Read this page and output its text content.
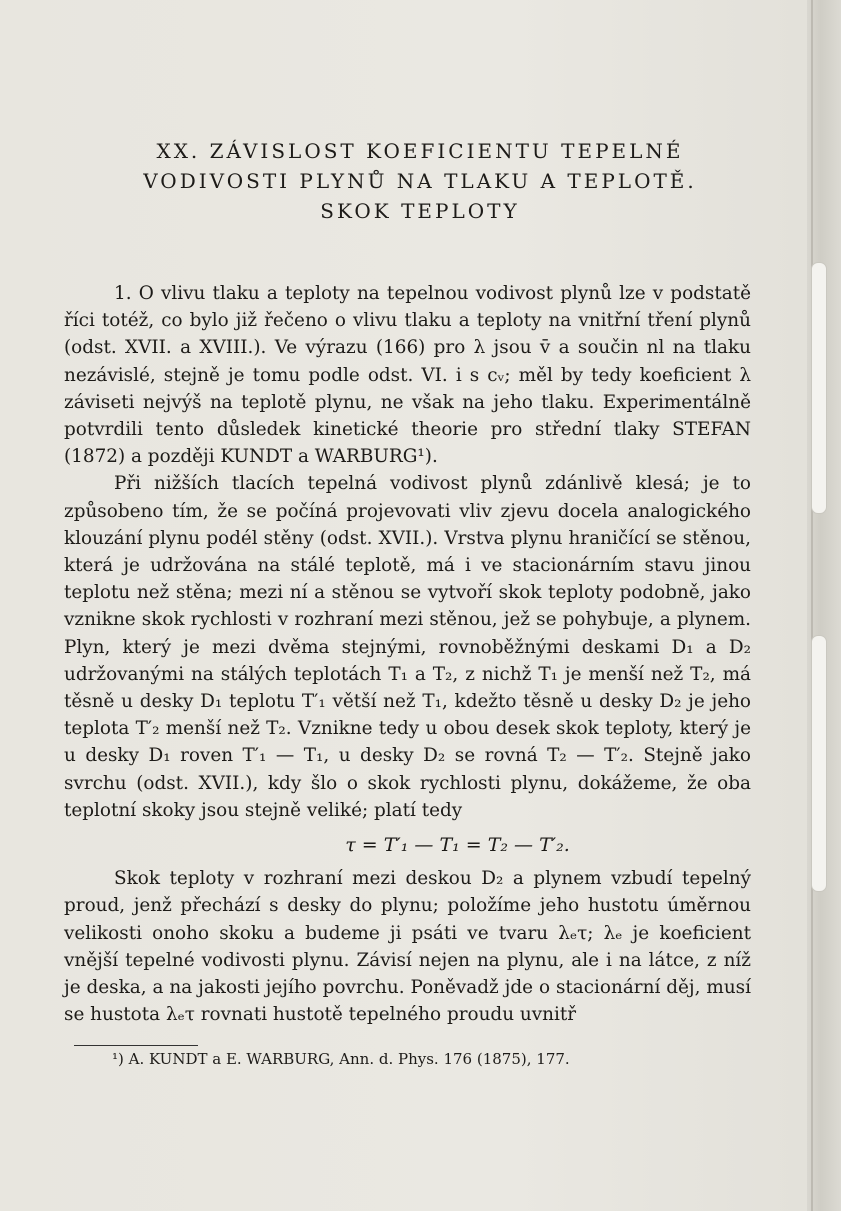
XX. ZÁVISLOST KOEFICIENTU TEPELNÉ
VODIVOSTI PLYNŮ NA TLAKU A TEPLOTĚ.
SKOK TEPLOTY

1. O vlivu tlaku a teploty na tepelnou vodivost plynů lze v podstatě říci totéž, co bylo již řečeno o vlivu tlaku a teploty na vnitřní tření plynů (odst. XVII. a XVIII.). Ve výrazu (166) pro λ jsou v̄ a součin nl na tlaku nezávislé, stejně je tomu podle odst. VI. i s cᵥ; měl by tedy koeficient λ záviseti nejvýš na teplotě plynu, ne však na jeho tlaku. Experimentálně potvrdili tento důsledek kinetické theorie pro střední tlaky STEFAN (1872) a později KUNDT a WARBURG¹).

Při nižších tlacích tepelná vodivost plynů zdánlivě klesá; je to způsobeno tím, že se počíná projevovati vliv zjevu docela analogického klouzání plynu podél stěny (odst. XVII.). Vrstva plynu hraničící se stěnou, která je udržována na stálé teplotě, má i ve stacionárním stavu jinou teplotu než stěna; mezi ní a stěnou se vytvoří skok teploty podobně, jako vznikne skok rychlosti v rozhraní mezi stěnou, jež se pohybuje, a plynem. Plyn, který je mezi dvěma stejnými, rovnoběžnými deskami D₁ a D₂ udržovanými na stálých teplotách T₁ a T₂, z nichž T₁ je menší než T₂, má těsně u desky D₁ teplotu T′₁ větší než T₁, kdežto těsně u desky D₂ je jeho teplota T′₂ menší než T₂. Vznikne tedy u obou desek skok teploty, který je u desky D₁ roven T′₁ — T₁, u desky D₂ se rovná T₂ — T′₂. Stejně jako svrchu (odst. XVII.), kdy šlo o skok rychlosti plynu, dokážeme, že oba teplotní skoky jsou stejně veliké; platí tedy

τ = T′₁ — T₁ = T₂ — T′₂.

Skok teploty v rozhraní mezi deskou D₂ a plynem vzbudí tepelný proud, jenž přechází s desky do plynu; položíme jeho hustotu úměrnou velikosti onoho skoku a budeme ji psáti ve tvaru λₑτ; λₑ je koeficient vnější tepelné vodivosti plynu. Závisí nejen na plynu, ale i na látce, z níž je deska, a na jakosti jejího povrchu. Poněvadž jde o stacionární děj, musí se hustota λₑτ rovnati hustotě tepelného proudu uvnitř

¹) A. KUNDT a E. WARBURG, Ann. d. Phys. 176 (1875), 177.
